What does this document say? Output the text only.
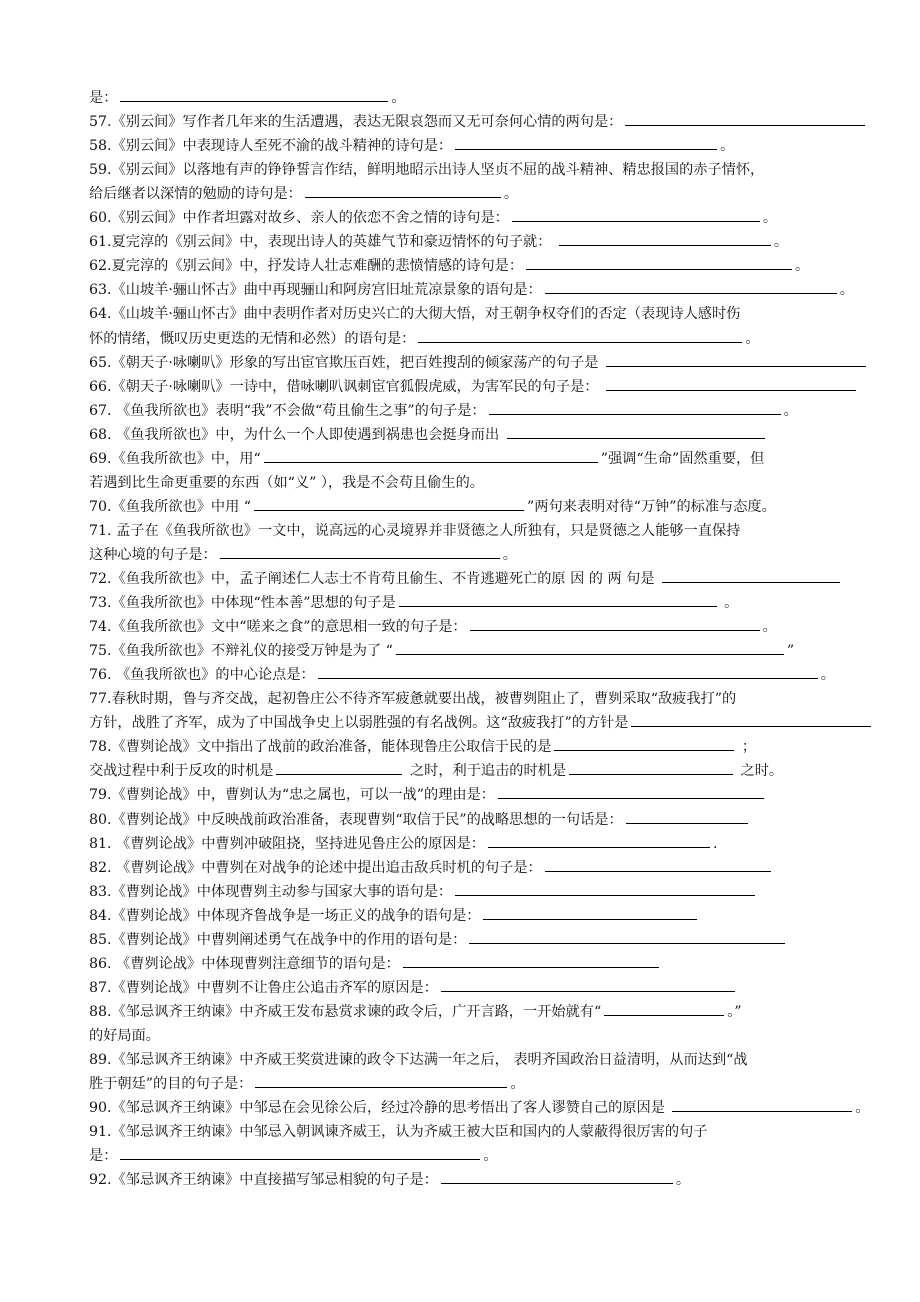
是：	。
57.《别云间》写作者几年来的生活遭遇，表达无限哀怨而又无可奈何心情的两句是：
58.《别云间》中表现诗人至死不渝的战斗精神的诗句是：	。
59.《别云间》以落地有声的铮铮誓言作结，鲜明地昭示出诗人坚贞不屈的战斗精神、精忠报国的赤子情怀，
给后继者以深情的勉励的诗句是：	。
60.《别云间》中作者坦露对故乡、亲人的依恋不舍之情的诗句是：	。
61.夏完淳的《别云间》中，表现出诗人的英雄气节和豪迈情怀的句子就：	。
62.夏完淳的《别云间》中，抒发诗人壮志难酬的悲愤情感的诗句是：	。
63.《山坡羊·骊山怀古》曲中再现骊山和阿房宫旧址荒凉景象的语句是：	。
64.《山坡羊·骊山怀古》曲中表明作者对历史兴亡的大彻大悟，对王朝争权夺们的否定（表现诗人感时伤
怀的情绪，慨叹历史更迭的无情和必然）的语句是：	。
65.《朝天子·咏喇叭》形象的写出宦官欺压百姓，把百姓搜刮的倾家荡产的句子是
66.《朝天子·咏喇叭》一诗中，借咏喇叭讽刺宦官狐假虎威，为害军民的句子是：
67. 《鱼我所欲也》表明“我”不会做“苟且偷生之事”的句子是：	。
68. 《鱼我所欲也》中，为什么一个人即使遇到祸患也会挺身而出
69.《鱼我所欲也》中，用“	”强调“生命”固然重要，但
若遇到比生命更重要的东西（如“义” ），我是不会苟且偷生的。
70.《鱼我所欲也》中用 “	”两句来表明对待“万钟”的标准与态度。
71. 孟子在《鱼我所欲也》一文中，说高远的心灵境界并非贤德之人所独有，只是贤德之人能够一直保持
这种心境的句子是：	。
72.《鱼我所欲也》中，孟子阐述仁人志士不肯苟且偷生、不肯逃避死亡的原 因 的 两 句是
73.《鱼我所欲也》中体现“性本善”思想的句子是	。
74.《鱼我所欲也》文中“嗟来之食”的意思相一致的句子是：	。
75.《鱼我所欲也》不辩礼仪的接受万钟是为了 “	”
76. 《鱼我所欲也》的中心论点是：	。
77.春秋时期，鲁与齐交战，起初鲁庄公不待齐军疲惫就要出战，被曹刿阻止了，曹刿采取“敌疲我打”的
方针，战胜了齐军，成为了中国战争史上以弱胜强的有名战例。这“敌疲我打”的方针是
78.《曹刿论战》文中指出了战前的政治准备，能体现鲁庄公取信于民的是	；
交战过程中利于反攻的时机是	之时，利于追击的时机是	之时。
79.《曹刿论战》中，曹刿认为“忠之属也，可以一战”的理由是：
80.《曹刿论战》中反映战前政治准备，表现曹刿“取信于民”的战略思想的一句话是：
81. 《曹刿论战》中曹刿冲破阻挠，坚持进见鲁庄公的原因是：	.
82. 《曹刿论战》中曹刿在对战争的论述中提出追击敌兵时机的句子是：
83.《曹刿论战》中体现曹刿主动参与国家大事的语句是：
84.《曹刿论战》中体现齐鲁战争是一场正义的战争的语句是：
85.《曹刿论战》中曹刿阐述勇气在战争中的作用的语句是：
86. 《曹刿论战》中体现曹刿注意细节的语句是：
87.《曹刿论战》中曹刿不让鲁庄公追击齐军的原因是：
88.《邹忌讽齐王纳谏》中齐威王发布悬赏求谏的政令后，广开言路，一开始就有“	。”
的好局面。
89.《邹忌讽齐王纳谏》中齐威王奖赏进谏的政令下达满一年之后， 表明齐国政治日益清明，从而达到“战
胜于朝廷”的目的句子是：	。
90.《邹忌讽齐王纳谏》中邹忌在会见徐公后，经过冷静的思考悟出了客人谬赞自己的原因是	。
91.《邹忌讽齐王纳谏》中邹忌入朝讽谏齐威王，认为齐威王被大臣和国内的人蒙蔽得很厉害的句子
是：	。
92.《邹忌讽齐王纳谏》中直接描写邹忌相貌的句子是：	。
